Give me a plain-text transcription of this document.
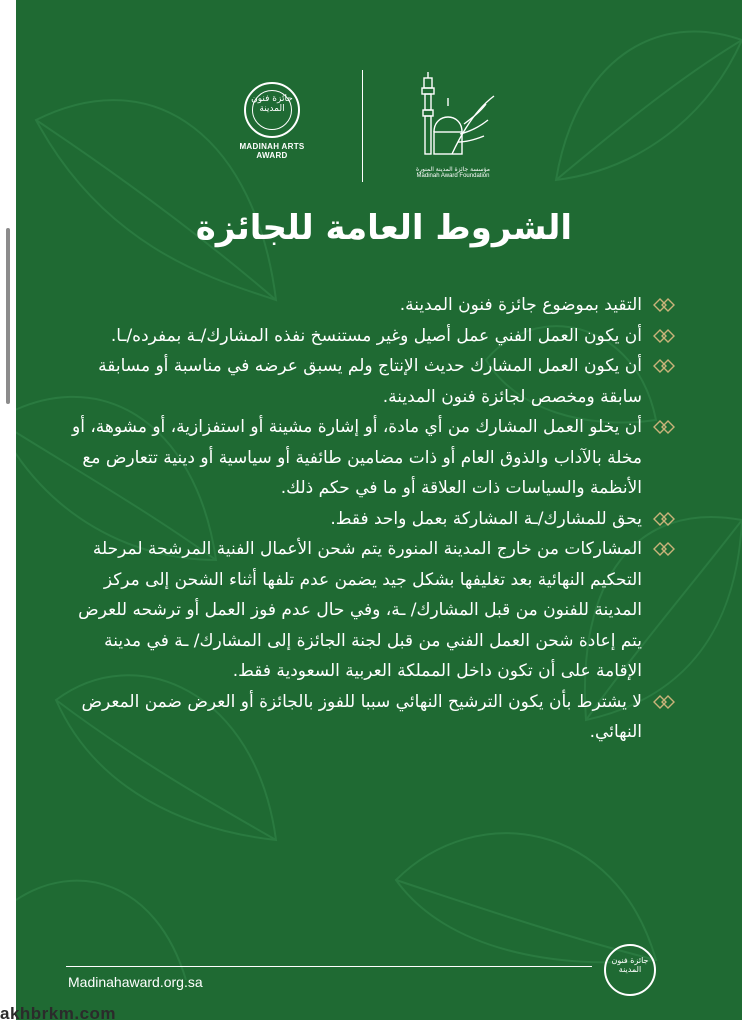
جائزة فنون المدينة
MADINAH ARTS AWARD
مؤسسة جائزة المدينة المنورة
Madinah Award Foundation
الشروط العامة للجائزة
التقيد بموضوع جائزة فنون المدينة.
أن يكون العمل الفني عمل أصيل وغير مستنسخ نفذه المشارك/ـة بمفرده/ـا.
أن يكون العمل المشارك حديث الإنتاج ولم يسبق عرضه في مناسبة أو مسابقة سابقة ومخصص لجائزة فنون المدينة.
أن يخلو العمل المشارك من أي مادة، أو إشارة مشينة أو استفزازية، أو مشوهة، أو مخلة بالآداب والذوق العام أو ذات مضامين طائفية أو سياسية أو دينية تتعارض مع الأنظمة والسياسات ذات العلاقة أو ما في حكم ذلك.
يحق للمشارك/ـة المشاركة بعمل واحد فقط.
المشاركات من خارج المدينة المنورة يتم شحن الأعمال الفنية المرشحة لمرحلة التحكيم النهائية بعد تغليفها بشكل جيد يضمن عدم تلفها أثناء الشحن إلى مركز المدينة للفنون من قبل المشارك/ ـة، وفي حال عدم فوز العمل أو ترشحه للعرض يتم إعادة شحن العمل الفني من قبل لجنة الجائزة إلى المشارك/ ـة في مدينة الإقامة على أن تكون داخل المملكة العربية السعودية فقط.
لا يشترط بأن يكون الترشيح النهائي سببا للفوز بالجائزة أو العرض ضمن المعرض النهائي.
Madinahaward.org.sa
جائزة فنون المدينة
akhbrkm.com
